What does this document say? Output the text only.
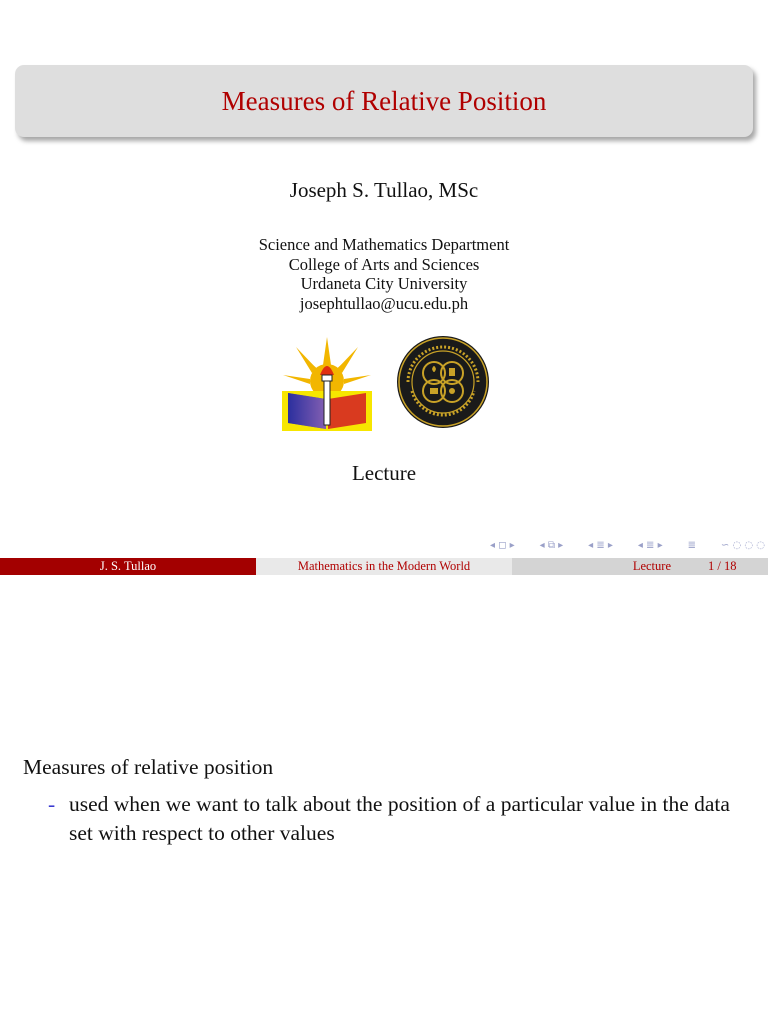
Measures of Relative Position
Joseph S. Tullao, MSc
Science and Mathematics Department
College of Arts and Sciences
Urdaneta City University
josephtullao@ucu.edu.ph
Lecture
◂ ◻ ▸ ◂ ⧉ ▸ ◂ ≣ ▸ ◂ ≣ ▸ ≣ ∽ ◌ ◌ ◌
J. S. Tullao	Mathematics in the Modern World	Lecture	1 / 18
Measures of relative position
- used when we want to talk about the position of a particular value in the data set with respect to other values
